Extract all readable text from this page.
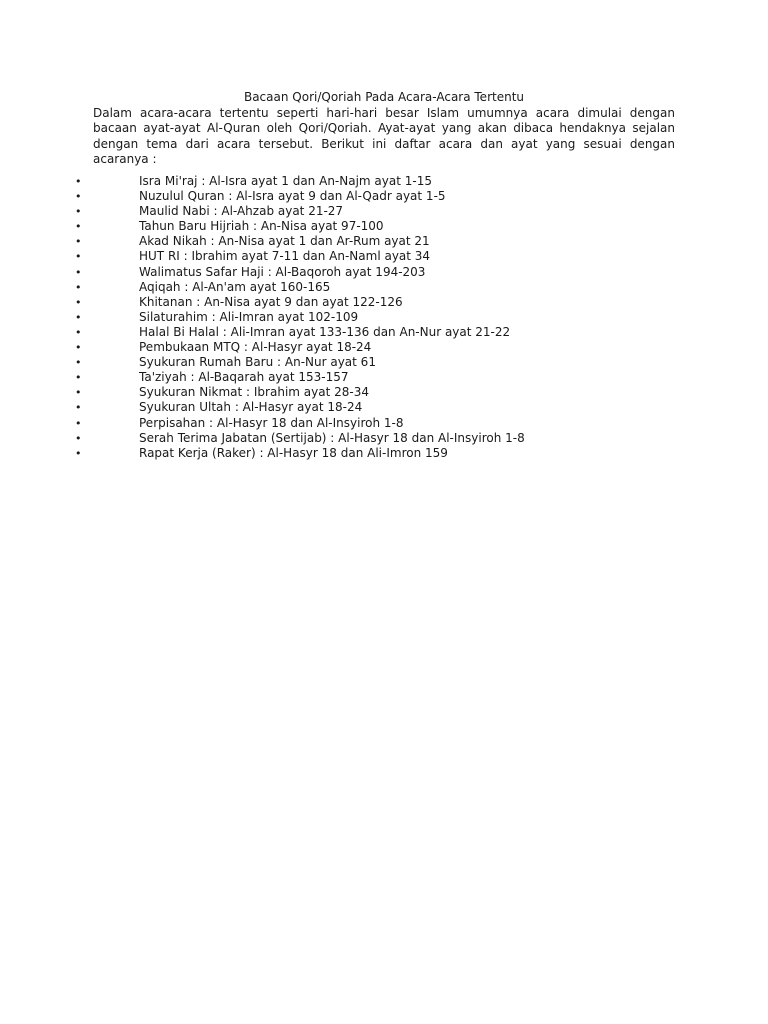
Bacaan Qori/Qoriah Pada Acara-Acara Tertentu
Dalam acara-acara tertentu seperti hari-hari besar Islam umumnya acara dimulai dengan bacaan ayat-ayat Al-Quran oleh Qori/Qoriah. Ayat-ayat yang akan dibaca hendaknya sejalan dengan tema dari acara tersebut. Berikut ini daftar acara dan ayat yang sesuai dengan acaranya :
•	Isra Mi'raj : Al-Isra ayat 1 dan An-Najm ayat 1-15
•	Nuzulul Quran : Al-Isra ayat 9 dan Al-Qadr ayat 1-5
•	Maulid Nabi : Al-Ahzab ayat 21-27
•	Tahun Baru Hijriah : An-Nisa ayat 97-100
•	Akad Nikah : An-Nisa ayat 1 dan Ar-Rum ayat 21
•	HUT RI : Ibrahim ayat 7-11 dan An-Naml ayat 34
•	Walimatus Safar Haji : Al-Baqoroh ayat 194-203
•	Aqiqah : Al-An'am ayat 160-165
•	Khitanan : An-Nisa ayat 9 dan ayat 122-126
•	Silaturahim : Ali-Imran ayat 102-109
•	Halal Bi Halal : Ali-Imran ayat 133-136 dan An-Nur ayat 21-22
•	Pembukaan MTQ : Al-Hasyr ayat 18-24
•	Syukuran Rumah Baru : An-Nur ayat 61
•	Ta'ziyah : Al-Baqarah ayat 153-157
•	Syukuran Nikmat : Ibrahim ayat 28-34
•	Syukuran Ultah : Al-Hasyr ayat 18-24
•	Perpisahan : Al-Hasyr 18 dan Al-Insyiroh 1-8
•	Serah Terima Jabatan (Sertijab) : Al-Hasyr 18 dan Al-Insyiroh 1-8
•	Rapat Kerja (Raker) : Al-Hasyr 18 dan Ali-Imron 159
